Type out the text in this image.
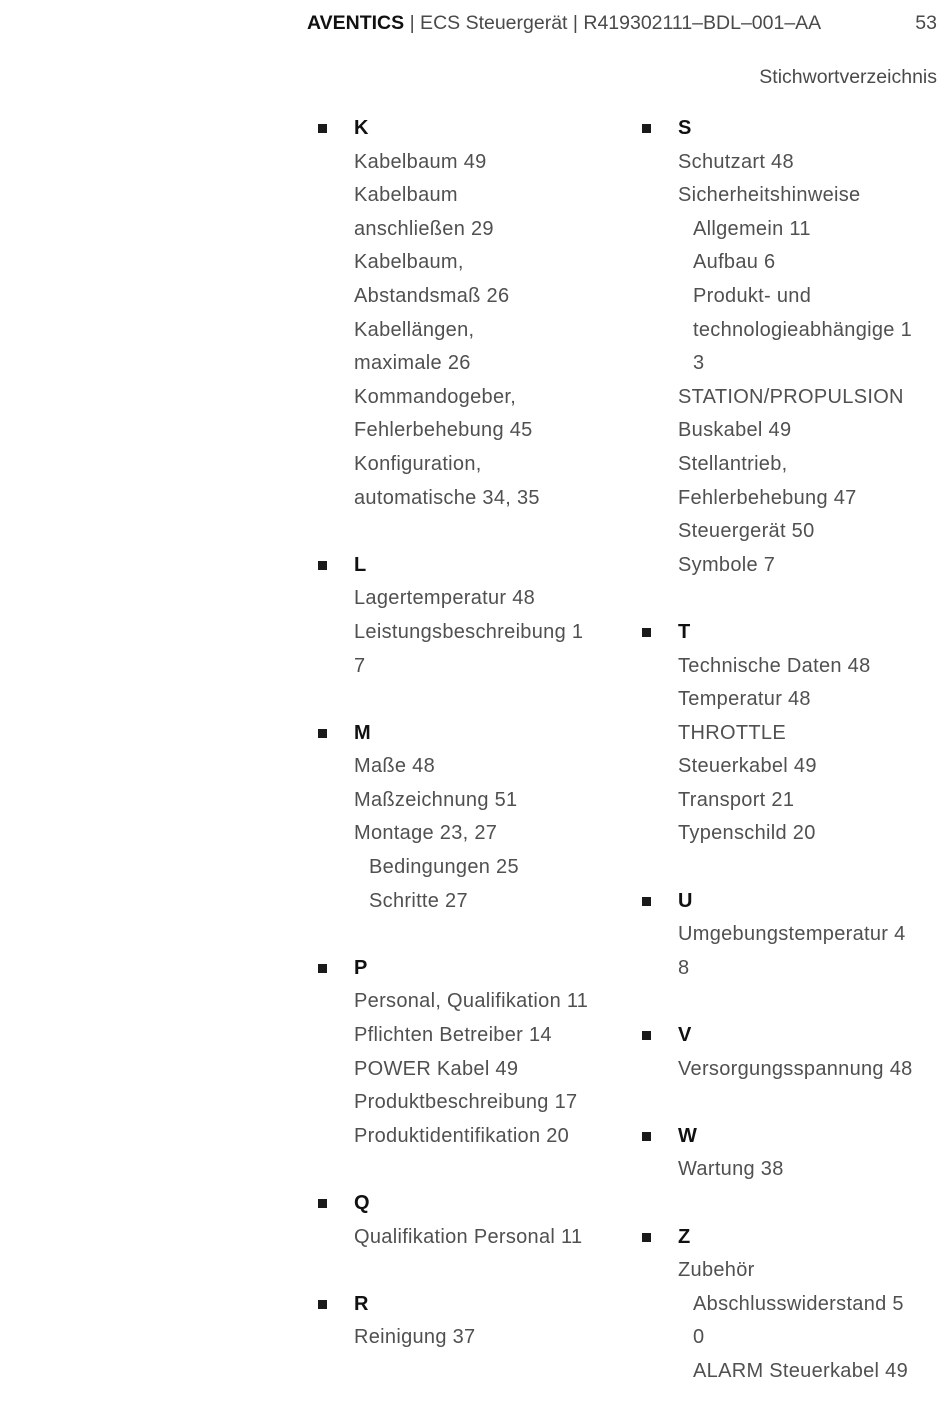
AVENTICS | ECS Steuergerät | R419302111–BDL–001–AA	53
Stichwortverzeichnis
K
Kabelbaum 49
Kabelbaum
anschließen 29
Kabelbaum,
Abstandsmaß 26
Kabellängen,
maximale 26
Kommandogeber,
Fehlerbehebung 45
Konfiguration,
automatische 34, 35
L
Lagertemperatur 48
Leistungsbeschreibung 1
7
M
Maße 48
Maßzeichnung 51
Montage 23, 27
Bedingungen 25
Schritte 27
P
Personal, Qualifikation 11
Pflichten Betreiber 14
POWER Kabel 49
Produktbeschreibung 17
Produktidentifikation 20
Q
Qualifikation Personal 11
R
Reinigung 37
S
Schutzart 48
Sicherheitshinweise
Allgemein 11
Aufbau 6
Produkt- und
technologieabhängige 1
3
STATION/PROPULSION
Buskabel 49
Stellantrieb,
Fehlerbehebung 47
Steuergerät 50
Symbole 7
T
Technische Daten 48
Temperatur 48
THROTTLE
Steuerkabel 49
Transport 21
Typenschild 20
U
Umgebungstemperatur 4
8
V
Versorgungsspannung 48
W
Wartung 38
Z
Zubehör
Abschlusswiderstand 5
0
ALARM Steuerkabel 49
